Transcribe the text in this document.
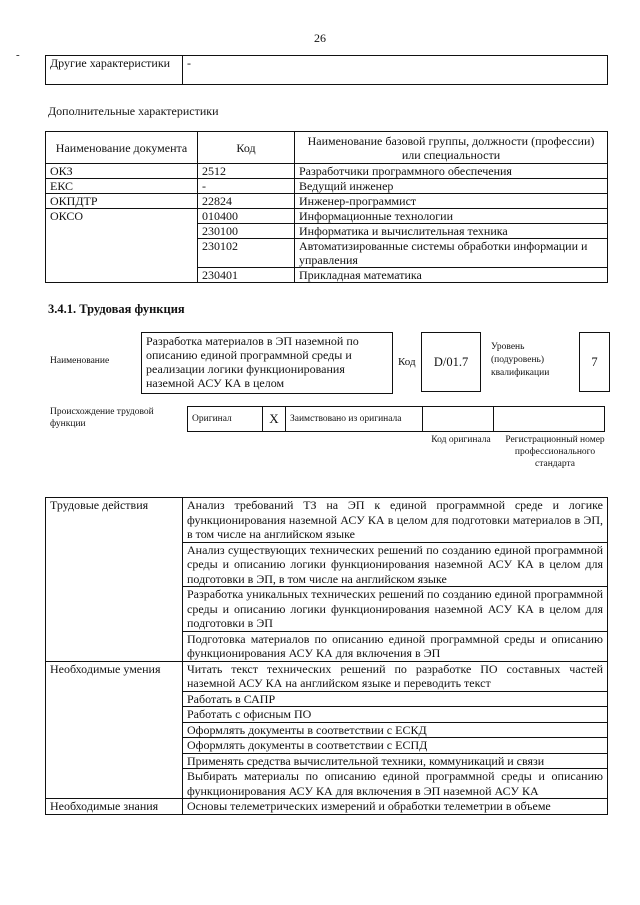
26
-
Другие характеристики	-
Дополнительные характеристики
Наименование документа	Код	Наименование базовой группы, должности (профессии) или специальности
ОКЗ	2512	Разработчики программного обеспечения
ЕКС	-	Ведущий инженер
ОКПДТР	22824	Инженер-программист
ОКСО	010400	Информационные технологии
	230100	Информатика и вычислительная техника
	230102	Автоматизированные системы обработки информации и управления
	230401	Прикладная математика
3.4.1. Трудовая функция
Наименование
Разработка материалов в ЭП наземной по описанию единой программной среды и реализации логики функционирования наземной АСУ КА в целом
Код D/01.7
Уровень (подуровень) квалификации
7
Происхождение трудовой функции	Оригинал	X	Заимствовано из оригинала		
Код оригинала	Регистрационный номер профессионального стандарта
Трудовые действия	Анализ требований ТЗ на ЭП к единой программной среде и логике функционирования наземной АСУ КА в целом для подготовки материалов в ЭП, в том числе на английском языке
	Анализ существующих технических решений по созданию единой программной среды и описанию логики функционирования наземной АСУ КА в целом для подготовки в ЭП, в том числе на английском языке
	Разработка уникальных технических решений по созданию единой программной среды и описанию логики функционирования наземной АСУ КА в целом для подготовки в ЭП
	Подготовка материалов по описанию единой программной среды и описанию функционирования АСУ КА для включения в ЭП
Необходимые умения	Читать текст технических решений по разработке ПО составных частей наземной АСУ КА на английском языке и переводить текст
	Работать в САПР
	Работать с офисным ПО
	Оформлять документы в соответствии с ЕСКД
	Оформлять документы в соответствии с ЕСПД
	Применять средства вычислительной техники, коммуникаций и связи
	Выбирать материалы по описанию единой программной среды и описанию функционирования АСУ КА для включения в ЭП наземной АСУ КА
Необходимые знания	Основы телеметрических измерений и обработки телеметрии в объеме
